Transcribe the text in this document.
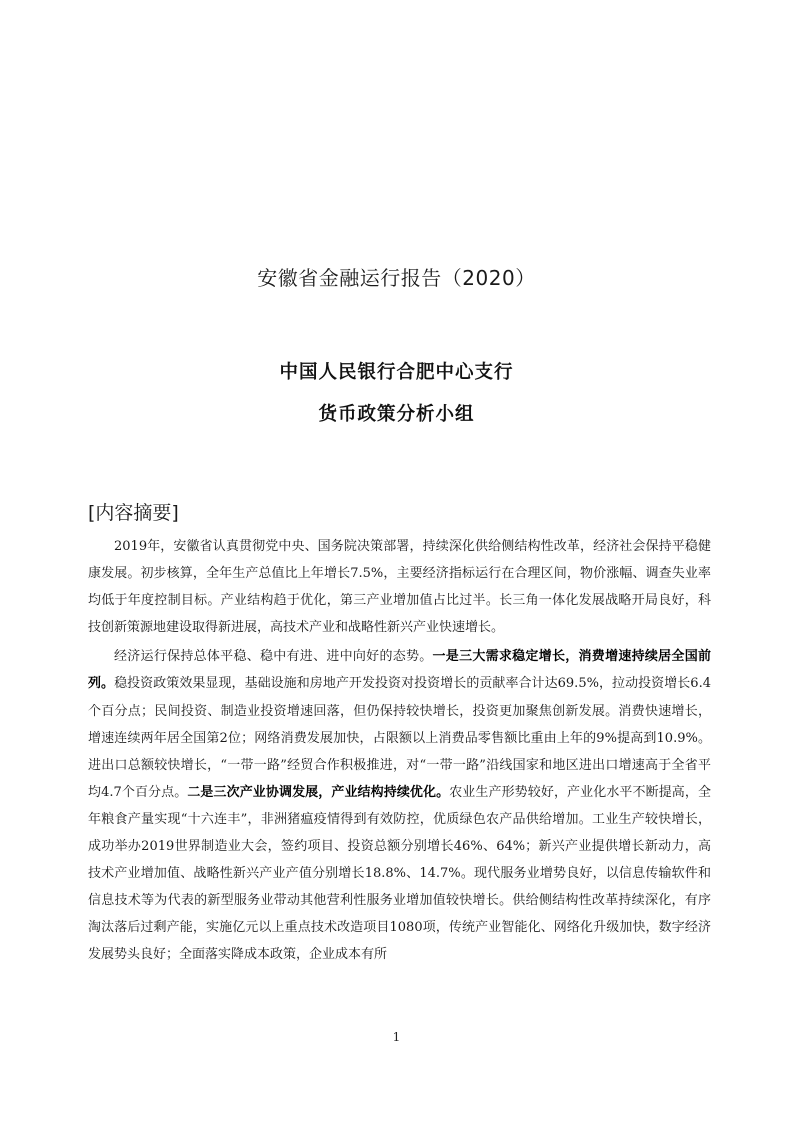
安徽省金融运行报告（2020）
中国人民银行合肥中心支行
货币政策分析小组
[内容摘要]

2019年，安徽省认真贯彻党中央、国务院决策部署，持续深化供给侧结构性改革，经济社会保持平稳健康发展。初步核算，全年生产总值比上年增长7.5%，主要经济指标运行在合理区间，物价涨幅、调查失业率均低于年度控制目标。产业结构趋于优化，第三产业增加值占比过半。长三角一体化发展战略开局良好，科技创新策源地建设取得新进展，高技术产业和战略性新兴产业快速增长。

经济运行保持总体平稳、稳中有进、进中向好的态势。一是三大需求稳定增长，消费增速持续居全国前列。稳投资政策效果显现，基础设施和房地产开发投资对投资增长的贡献率合计达69.5%，拉动投资增长6.4个百分点；民间投资、制造业投资增速回落，但仍保持较快增长，投资更加聚焦创新发展。消费快速增长，增速连续两年居全国第2位；网络消费发展加快，占限额以上消费品零售额比重由上年的9%提高到10.9%。进出口总额较快增长，“一带一路”经贸合作积极推进，对“一带一路”沿线国家和地区进出口增速高于全省平均4.7个百分点。二是三次产业协调发展，产业结构持续优化。农业生产形势较好，产业化水平不断提高，全年粮食产量实现“十六连丰”，非洲猪瘟疫情得到有效防控，优质绿色农产品供给增加。工业生产较快增长，成功举办2019世界制造业大会，签约项目、投资总额分别增长46%、64%；新兴产业提供增长新动力，高技术产业增加值、战略性新兴产业产值分别增长18.8%、14.7%。现代服务业增势良好，以信息传输软件和信息技术等为代表的新型服务业带动其他营利性服务业增加值较快增长。供给侧结构性改革持续深化，有序淘汰落后过剩产能，实施亿元以上重点技术改造项目1080项，传统产业智能化、网络化升级加快，数字经济发展势头良好；全面落实降成本政策，企业成本有所

1
